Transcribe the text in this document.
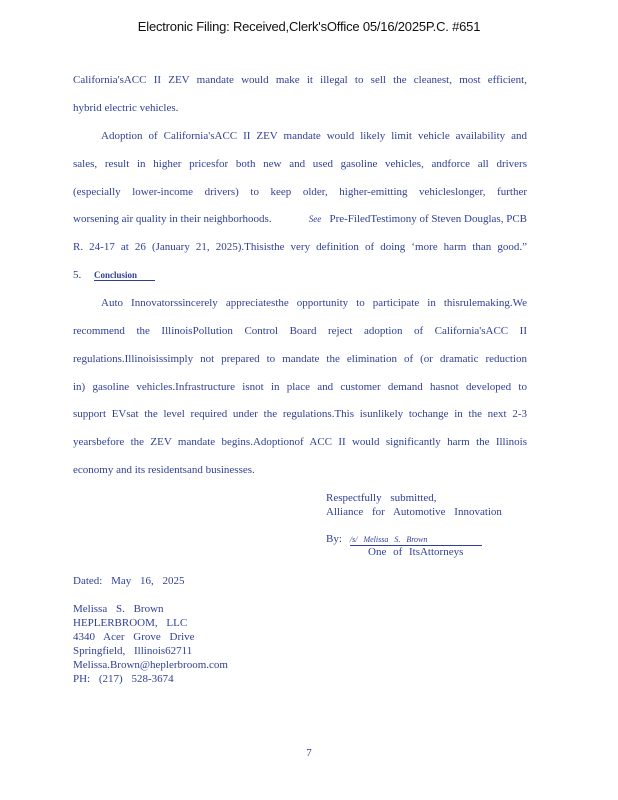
Electronic Filing: Received,Clerk'sOffice 05/16/2025P.C. #651
California'sACC II ZEV mandate would make it illegal to sell the cleanest, most efficient,
hybrid electric vehicles.
Adoption of California'sACC II ZEV mandate would likely limit vehicle availability and
sales, result in higher pricesfor both new and used gasoline vehicles, andforce all drivers
(especially lower-income drivers) to keep older, higher-emitting vehicleslonger, further
worsening air quality in their neighborhoods.	See Pre-FiledTestimony of Steven Douglas, PCB
R. 24-17 at 26 (January 21, 2025).Thisisthe very definition of doing ‘more harm than good.”
5. Conclusion
Auto Innovatorssincerely appreciatesthe opportunity to participate in thisrulemaking.We
recommend the IllinoisPollution Control Board reject adoption of California'sACC II
regulations.Illinoisissimply not prepared to mandate the elimination of (or dramatic reduction
in) gasoline vehicles.Infrastructure isnot in place and customer demand hasnot developed to
support EVsat the level required under the regulations.This isunlikely tochange in the next 2-3
yearsbefore the ZEV mandate begins.Adoptionof ACC II would significantly harm the Illinois
economy and its residentsand businesses.
Respectfully submitted,
Alliance for Automotive Innovation
By: /s/ Melissa S. Brown
One of ItsAttorneys
Dated: May 16, 2025
Melissa S. Brown
HEPLERBROOM, LLC
4340 Acer Grove Drive
Springfield, Illinois62711
Melissa.Brown@heplerbroom.com
PH: (217) 528-3674
7
